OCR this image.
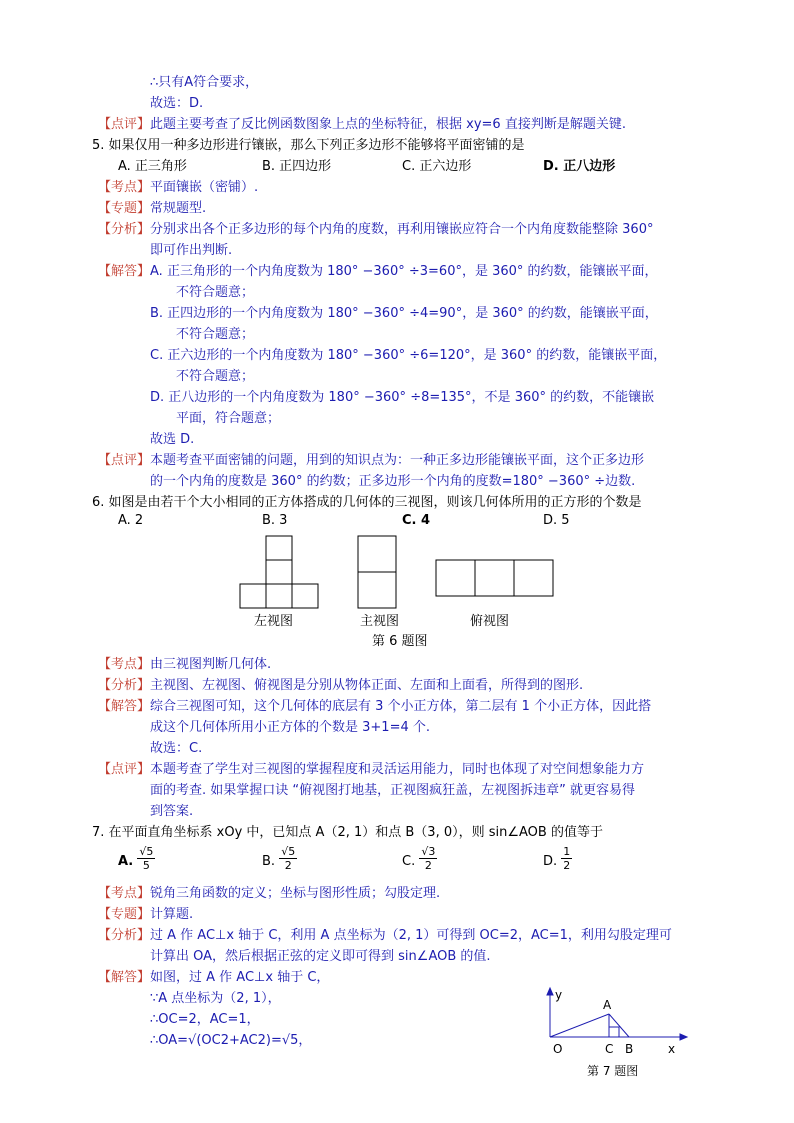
∴只有A符合要求，
故选：D.
【点评】此题主要考查了反比例函数图象上点的坐标特征，根据 xy=6 直接判断是解题关键.
5. 如果仅用一种多边形进行镶嵌，那么下列正多边形不能够将平面密铺的是
A. 正三角形	B. 正四边形	C. 正六边形	D. 正八边形
【考点】平面镶嵌（密铺）.
【专题】常规题型.
【分析】分别求出各个正多边形的每个内角的度数，再利用镶嵌应符合一个内角度数能整除 360°
即可作出判断.
【解答】A. 正三角形的一个内角度数为 180° −360° ÷3=60°，是 360° 的约数，能镶嵌平面，
不符合题意；
B. 正四边形的一个内角度数为 180° −360° ÷4=90°，是 360° 的约数，能镶嵌平面，
不符合题意；
C. 正六边形的一个内角度数为 180° −360° ÷6=120°，是 360° 的约数，能镶嵌平面，
不符合题意；
D. 正八边形的一个内角度数为 180° −360° ÷8=135°，不是 360° 的约数，不能镶嵌
平面，符合题意；
故选 D.
【点评】本题考查平面密铺的问题，用到的知识点为：一种正多边形能镶嵌平面，这个正多边形
的一个内角的度数是 360° 的约数；正多边形一个内角的度数=180° −360° ÷边数.
6. 如图是由若干个大小相同的正方体搭成的几何体的三视图，则该几何体所用的正方形的个数是
A. 2	B. 3	C. 4	D. 5
左视图	主视图	俯视图
第 6 题图
【考点】由三视图判断几何体.
【分析】主视图、左视图、俯视图是分别从物体正面、左面和上面看，所得到的图形.
【解答】综合三视图可知，这个几何体的底层有 3 个小正方体，第二层有 1 个小正方体，因此搭
成这个几何体所用小正方体的个数是 3+1=4 个.
故选：C.
【点评】本题考查了学生对三视图的掌握程度和灵活运用能力，同时也体现了对空间想象能力方
面的考查. 如果掌握口诀 “俯视图打地基，正视图疯狂盖，左视图拆违章” 就更容易得
到答案.
7. 在平面直角坐标系 xOy 中，已知点 A（2, 1）和点 B（3, 0），则 sin∠AOB 的值等于
A. $\frac{√5}{5}$	B. $\frac{√5}{2}$	C. $\frac{√3}{2}$	D. $\frac{1}{2}$
【考点】锐角三角函数的定义；坐标与图形性质；勾股定理.
【专题】计算题.
【分析】过 A 作 AC⊥x 轴于 C，利用 A 点坐标为（2, 1）可得到 OC=2，AC=1，利用勾股定理可
计算出 OA，然后根据正弦的定义即可得到 sin∠AOB 的值.
【解答】如图，过 A 作 AC⊥x 轴于 C，
∵A 点坐标为（2, 1），
∴OC=2，AC=1，
∴OA=√(OC2+AC2)=√5，
y
A
O	C B	x
第 7 题图
